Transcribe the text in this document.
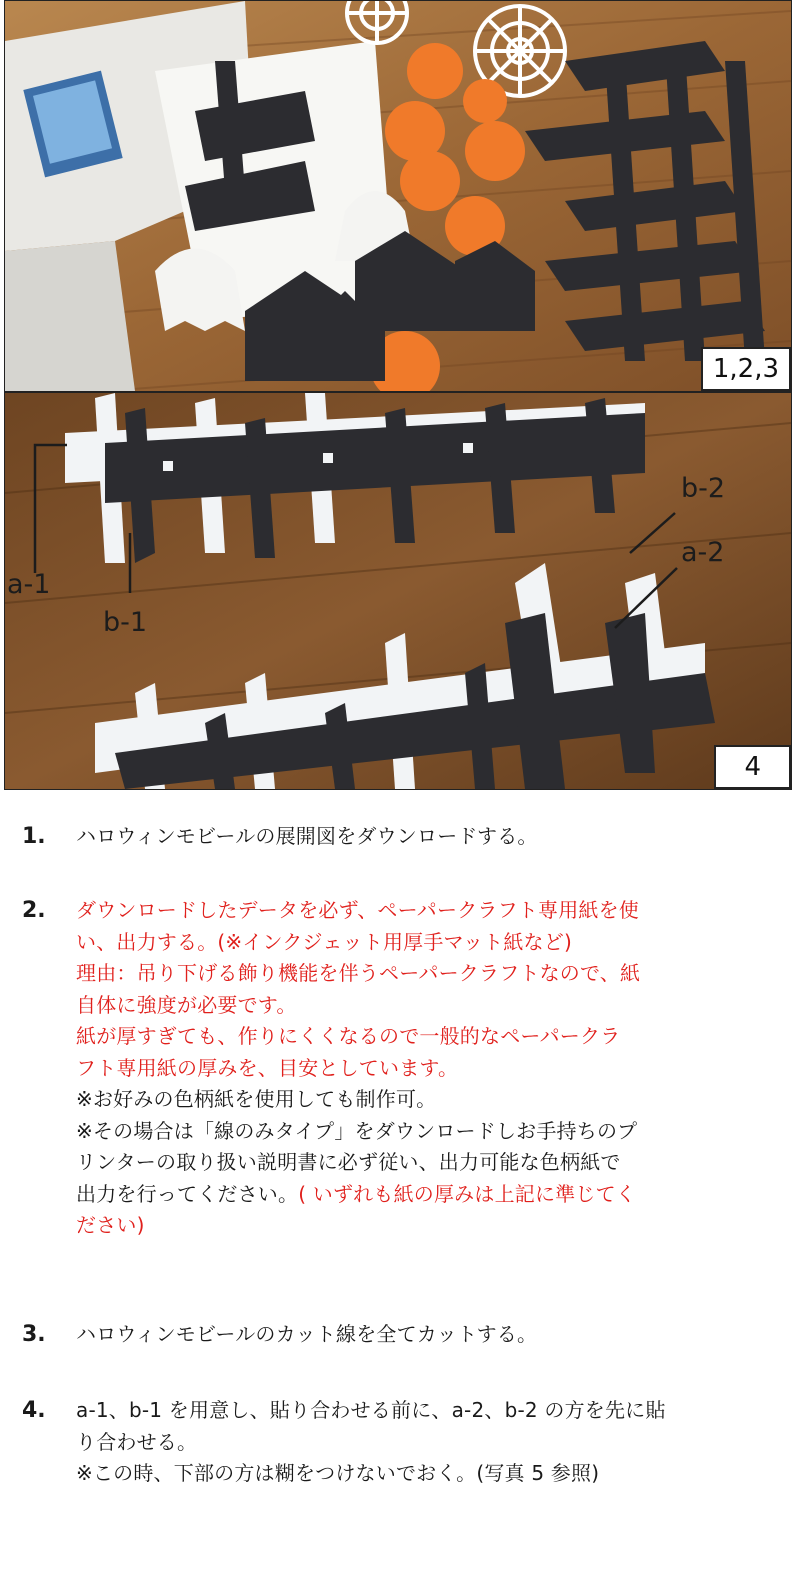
1,2,3
a-1
b-1
b-2
a-2
4
1. ハロウィンモビールの展開図をダウンロードする。
2. ダウンロードしたデータを必ず、ペーパークラフト専用紙を使
い、出力する。(※インクジェット用厚手マット紙など)
理由：吊り下げる飾り機能を伴うペーパークラフトなので、紙
自体に強度が必要です。
紙が厚すぎても、作りにくくなるので一般的なペーパークラ
フト専用紙の厚みを、目安としています。
※お好みの色柄紙を使用しても制作可。
※その場合は「線のみタイプ」をダウンロードしお手持ちのプ
リンターの取り扱い説明書に必ず従い、出力可能な色柄紙で
出力を行ってください。( いずれも紙の厚みは上記に準じてく
ださい)
3. ハロウィンモビールのカット線を全てカットする。
4. a-1、b-1 を用意し、貼り合わせる前に、a-2、b-2 の方を先に貼
り合わせる。
※この時、下部の方は糊をつけないでおく。(写真 5 参照)
